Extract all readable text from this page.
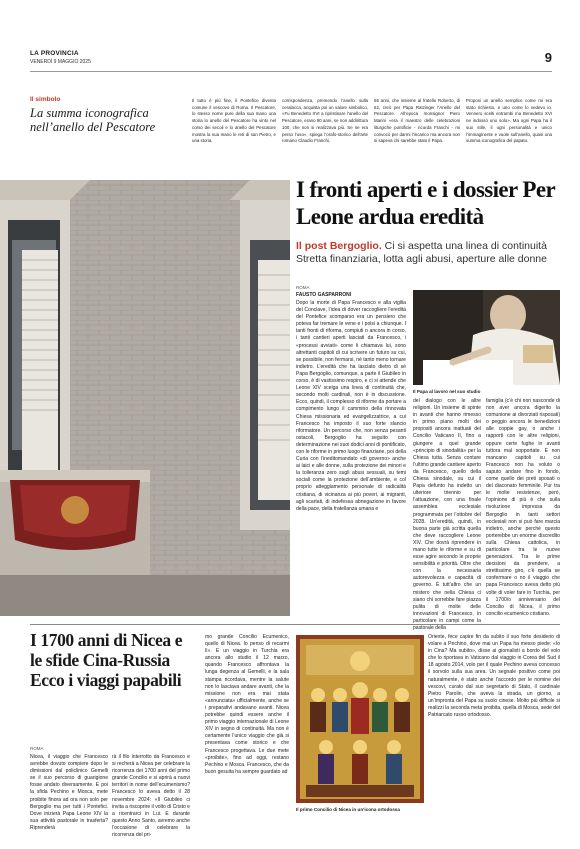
LA PROVINCIA
VENERDÌ 9 MAGGIO 2025	9
Il simbolo
La summa iconografica nell’anello del Pescatore
Il tutto è più fine, il Pontefice diventa comune il vescovo di Roma. Il Pescatore, lo stesso nome pure della sua mano una storia lo anello del Pescatore ha vinto nel corso dei secoli e lo anello del Pescatore mostra la sua mano le reti di san Pietro, e una storia.
corrispondenza, premendo l’anello sulla ceralacca, acquista poi un valore simbolico, «Fu Benedetto XVI a ripristinare l’anello del Pescatore, erano 90 anni, se non addirittura 100, che non si realizzava più. Se ne era perso l’uso», spiega l’orafo-storico dell’arte romano Claudio Franchi,
65 anni, che insieme al fratello Roberto, di 62, creò per Papa Ratzinger l’Anello del Pescatore. All’epoca monsignor Piero Marini «era il maestro delle celebrazioni liturgiche pontificie - ricorda Franchi - mi convocò per darmi l’incarico ma ancora non si sapeva chi sarebbe stato il Papa.
Proposi un anello semplice come mi era stato richiesto, e uno come lo vedevo io. Vennero scelti entrambi ma Benedetto XVI ne indossò uno solo». Ma ogni Papa ha il suo stile, il ogni personalità e unico l’immaginente e vuole sull’anello, quasi una summa iconografica del papato.
I fronti aperti e i dossier Per Leone ardua eredità
Il post Bergoglio. Ci si aspetta una linea di continuità Stretta finanziaria, lotta agli abusi, aperture alle donne
ROMA
FAUSTO GASPARRONI
Dopo la morte di Papa Francesco e alla vigilia del Conclave, l’idea di dover raccogliere l’eredità del Pontefice scomparso era un pensiero che poteva far tremare le vene e i polsi a chiunque. I tanti fronti di riforma, compiuti o ancora in corso, i tanti cantieri aperti lasciati da Francesco, i «processi avviati» come li chiamava lui, sono altrettanti capitoli di cui scrivere un futuro su cui, se possibile, non fermarsi, né tanto meno tornare indietro. L’eredità che ha lasciato dietro di sé Papa Bergoglio, comunque, a parte il Giubileo in corso, è di vastissimo respiro, e ci si attende che Leone XIV scelga una linea di continuità che, secondo molti cardinali, non è in discussione. Ecco, quindi, il complesso di riforme da portare a compimento lungo il cammino della rinnovata Chiesa missionaria ed evangelizzatrice, a cui Francesco ha imposto il suo forte slancio riformatore. Un percorso che, non senza pesanti ostacoli, Bergoglio ha seguito con determinazione nei suoi dodici anni di pontificato, con le riforme in primo luogo finanziarie, poi della Curia con l’ineditomandato «di governo» anche ai laici e alle donne, sulla protezione dei minori e la tolleranza zero sugli abusi sessuali, su temi sociali come la protezione dell’ambiente, e col proprio atteggiamento personale di radicalità cristiana, di vicinanza ai più poveri, ai migranti, agli scartati, di indefessa abnegazione in favore della pace, della fratellanza umana e
Il Papa al lavoro nel suo studio
del dialogo con le altre religioni. Un insieme di spinte in avanti che hanno rimesso in primo piano molti dei propositi ancora inattuati del Concilio Vaticano II, fino a giungere a quel grande «principio di sinodalità» per la Chiesa tutta. Senza contare l’ultimo grande cantiere aperto da Francesco, quello della Chiesa sinodale, su cui il Papa defunto ha indetto un ulteriore triennio per l’attuazione, con una finale assemblea ecclesiale programmata per l’ottobre del 2028. Un’eredità, quindi, in buona parte già scritta quella che deve raccogliere Leone XIV. Che dovrà riprendere in mano tutte le riforme e su di esse agire secondo le proprie sensibilità e priorità. Oltre che con la necessaria autorevolezza e capacità di governo. È tutt’altro che un mistero che nella Chiesa ci siano chi sorrebbe fare piazza pulita di molte delle innovazioni di Francesco, in particolare in campi come la pastorale della
I 1700 anni di Nicea e le sfide Cina-Russia Ecco i viaggi papabili
ROMA
Nicea, il viaggio che Francesco avrebbe dovuto compiere dopo le dimissioni dal policlinico Gemelli se il suo percorso di guarigione fosse andato diversamente. E poi la sfida Pechino e Mosca, mete proibite finora ad ora non solo per Bergoglio ma per tutti i Pontefici. Dove inizierà Papa Leone XIV la sua attività pastorale in trasferta? Riprenderà
rà il filo interrotto da Francesco e si recherà a Nicea per celebrare la ricorrenza dei 1700 anni del primo grande Concilio e si aprirà a nuovi territori in nome dell’ecumenismo? Francesco lo aveva detto il 28 novembre 2024: «Il Giubileo ci invita a riscoprire il volto di Cristo e a ricentrarci in Lui. E durante questo Anno Santo, avremo anche l’occasione di celebrare la ricorrenza del pri-
mo grande Concilio Ecumenico, quello di Nicea. Io penso di recarmi lì». E un viaggio in Turchia era ancora allo studio il 12 marzo, quando Francesco affrontava la lunga degenza al Gemelli, e la sala stampa ricordava, mentre la salute non lo lasciava andare avanti, che la missione non era mai stata «annunciata» ufficialmente, anche se i preparativi andavano avanti. Nicea potrebbe quindi essere anche il primo viaggio internazionale di Leone XIV in segno di continuità. Ma non è certamente l’unico viaggio che già si presentava come storico e che Francesco progettava. Le due mete «proibite», fino ad oggi, restano Pechino e Mosca. Francesco, che da buon gesuita ha sempre guardato ad
Il primo Concilio di Nicea in un’icona ortodossa
Oriente, fece capire fin da subito il suo forte desiderio di volare a Pechino, dove mai un Papa ha messo piede: «Io in Cina? Ma subito», disse ai giornalisti a bordo del volo che lo riportava in Vaticano dal viaggio in Corea del Sud il 18 agosto 2014, volo per il quale Pechino aveva concesso il sorvolo sulla sua area. Un segnale positivo come poi naturalmente, è stato anche l’accordo per le nomine dei vescovi, curato dal suo segretario di Stato, il cardinale Pietro Parolin, che aveva la strada, un giorno, a un’impronta del Papa su suolo cinese. Molto più difficile si realizzi la seconda meta proibita, quella di Mosca, sede del Patriarcato russo ortodosso.
famiglia (c’è chi non nasconde di non aver ancora digerito la comunione ai divorziati risposati) o peggio ancora le benedizioni alle coppie gay, o anche i rapporti con le altre religioni, oppure certe fughe in avanti tuttora mal sopportate. E non mancano capitoli su cui Francesco non ha voluto o saputo andare fino in fondo, come quello dei preti sposati o del diaconato femminile. Pur tra le molte resistenze, però, l’opinione di più è che sulla rivoluzione impressa da Bergoglio in tanti settori ecclesiali non si può fare marcia indietro, anche perché questo porterebbe un enorme discredito sulla Chiesa cattolica, in particolare tra le nuove generazioni. Tra le prime decisioni da prendere, a strettissimo giro, c’è quella se confermare o no il viaggio che papa Francesco aveva detto più volte di voler fare in Turchia, per il 1700/o anniversario del Concilio di Nicea, il primo concilio ecumenico cristiano.
